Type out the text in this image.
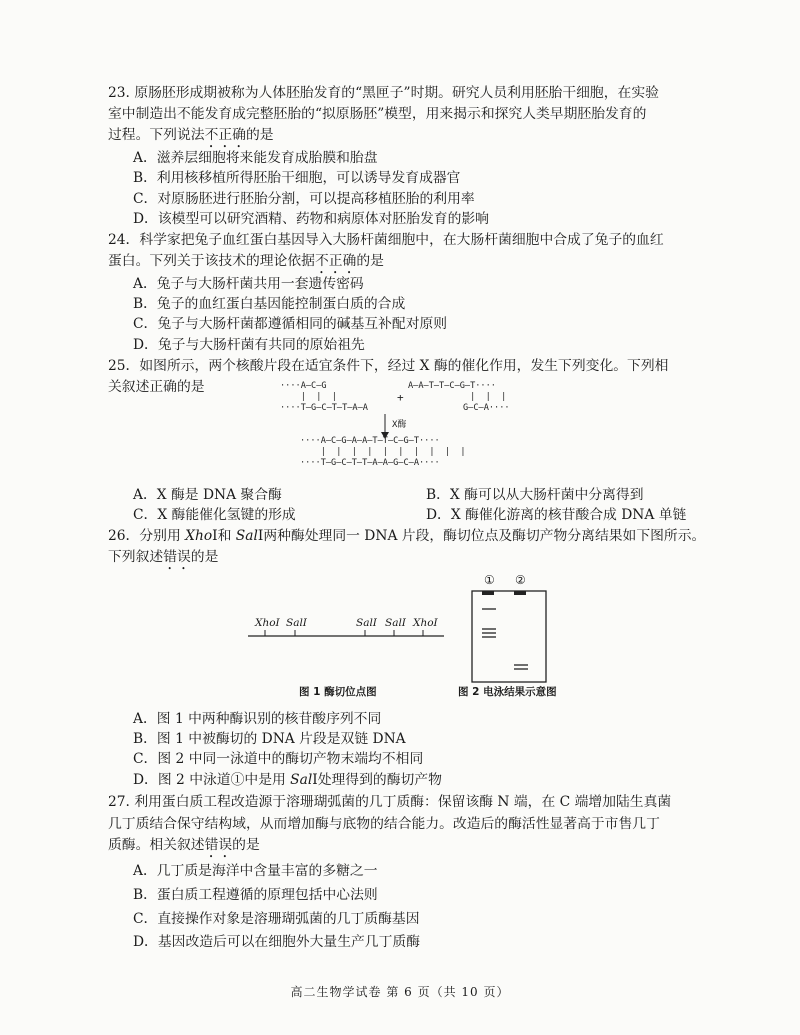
23. 原肠胚形成期被称为人体胚胎发育的“黑匣子”时期。研究人员利用胚胎干细胞，在实验
室中制造出不能发育成完整胚胎的“拟原肠胚”模型，用来揭示和探究人类早期胚胎发育的
过程。下列说法不正确的是
A．滋养层细胞将来能发育成胎膜和胎盘
B．利用核移植所得胚胎干细胞，可以诱导发育成器官
C．对原肠胚进行胚胎分割，可以提高移植胚胎的利用率
D．该模型可以研究酒精、药物和病原体对胚胎发育的影响
24．科学家把兔子血红蛋白基因导入大肠杆菌细胞中，在大肠杆菌细胞中合成了兔子的血红
蛋白。下列关于该技术的理论依据不正确的是
A．兔子与大肠杆菌共用一套遗传密码
B．兔子的血红蛋白基因能控制蛋白质的合成
C．兔子与大肠杆菌都遵循相同的碱基互补配对原则
D．兔子与大肠杆菌有共同的原始祖先
25．如图所示，两个核酸片段在适宜条件下，经过 X 酶的催化作用，发生下列变化。下列相
关叙述正确的是	····A—C—G
|  |  |
····T—G—C—T—T—A—A
+
A—A—T—T—C—G—T····
|  |  |
G—C—A····
X酶
····A—C—G—A—A—T—T—C—G—T····
|  |  |  |  |  |  |  |  |  |
····T—G—C—T—T—A—A—G—C—A····
A．X 酶是 DNA 聚合酶	B．X 酶可以从大肠杆菌中分离得到
C．X 酶能催化氢键的形成	D．X 酶催化游离的核苷酸合成 DNA 单链
26．分别用 XhoⅠ和 SalⅠ两种酶处理同一 DNA 片段，酶切位点及酶切产物分离结果如下图所示。
下列叙述错误的是
XhoⅠ SalⅠ	SalⅠ SalⅠ XhoⅠ
图 1 酶切位点图
① ②
图 2 电泳结果示意图
A．图 1 中两种酶识别的核苷酸序列不同
B．图 1 中被酶切的 DNA 片段是双链 DNA
C．图 2 中同一泳道中的酶切产物末端均不相同
D．图 2 中泳道①中是用 SalⅠ处理得到的酶切产物
27. 利用蛋白质工程改造源于溶珊瑚弧菌的几丁质酶：保留该酶 N 端，在 C 端增加陆生真菌
几丁质结合保守结构域，从而增加酶与底物的结合能力。改造后的酶活性显著高于市售几丁
质酶。相关叙述错误的是
A．几丁质是海洋中含量丰富的多糖之一
B．蛋白质工程遵循的原理包括中心法则
C．直接操作对象是溶珊瑚弧菌的几丁质酶基因
D．基因改造后可以在细胞外大量生产几丁质酶
高二生物学试卷 第 6 页（共 10 页）
